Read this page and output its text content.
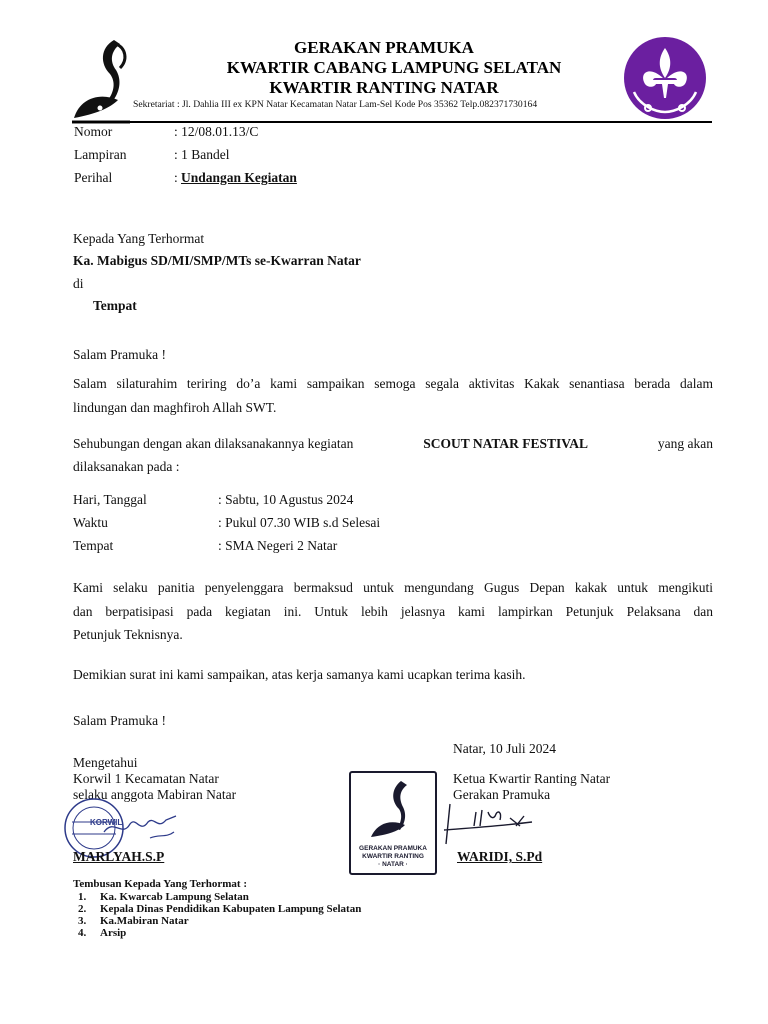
GERAKAN PRAMUKA
KWARTIR CABANG LAMPUNG SELATAN
KWARTIR RANTING NATAR
Sekretariat : Jl. Dahlia III ex KPN Natar Kecamatan Natar Lam-Sel Kode Pos 35362 Telp.082371730164
Nomor	: 12/08.01.13/C
Lampiran	: 1 Bandel
Perihal	: Undangan Kegiatan
Kepada Yang Terhormat
Ka. Mabigus SD/MI/SMP/MTs se-Kwarran Natar
di
Tempat
Salam Pramuka !
Salam silaturahim teriring do’a kami sampaikan semoga segala aktivitas Kakak senantiasa berada dalam
lindungan dan maghfiroh Allah SWT.
Sehubungan dengan akan dilaksanakannya kegiatan	SCOUT NATAR FESTIVAL	yang akan
dilaksanakan pada :
Hari, Tanggal	: Sabtu, 10 Agustus 2024
Waktu	: Pukul 07.30 WIB s.d Selesai
Tempat	: SMA Negeri 2 Natar
Kami selaku panitia penyelenggara bermaksud untuk mengundang Gugus Depan kakak untuk mengikuti
dan berpatisipasi pada kegiatan ini. Untuk lebih jelasnya kami lampirkan Petunjuk Pelaksana dan
Petunjuk Teknisnya.
Demikian surat ini kami sampaikan, atas kerja samanya kami ucapkan terima kasih.
Salam Pramuka !
Natar, 10 Juli 2024
Mengetahui
Korwil 1 Kecamatan Natar
selaku anggota Mabiran Natar
KORWIL
MARLYAH.S.P
GERAKAN PRAMUKA
KWARTIR RANTING
· NATAR ·
Ketua Kwartir Ranting Natar
Gerakan Pramuka
WARIDI, S.Pd
Tembusan Kepada Yang Terhormat :
1. Ka. Kwarcab Lampung Selatan
2. Kepala Dinas Pendidikan Kabupaten Lampung Selatan
3. Ka.Mabiran Natar
4. Arsip
